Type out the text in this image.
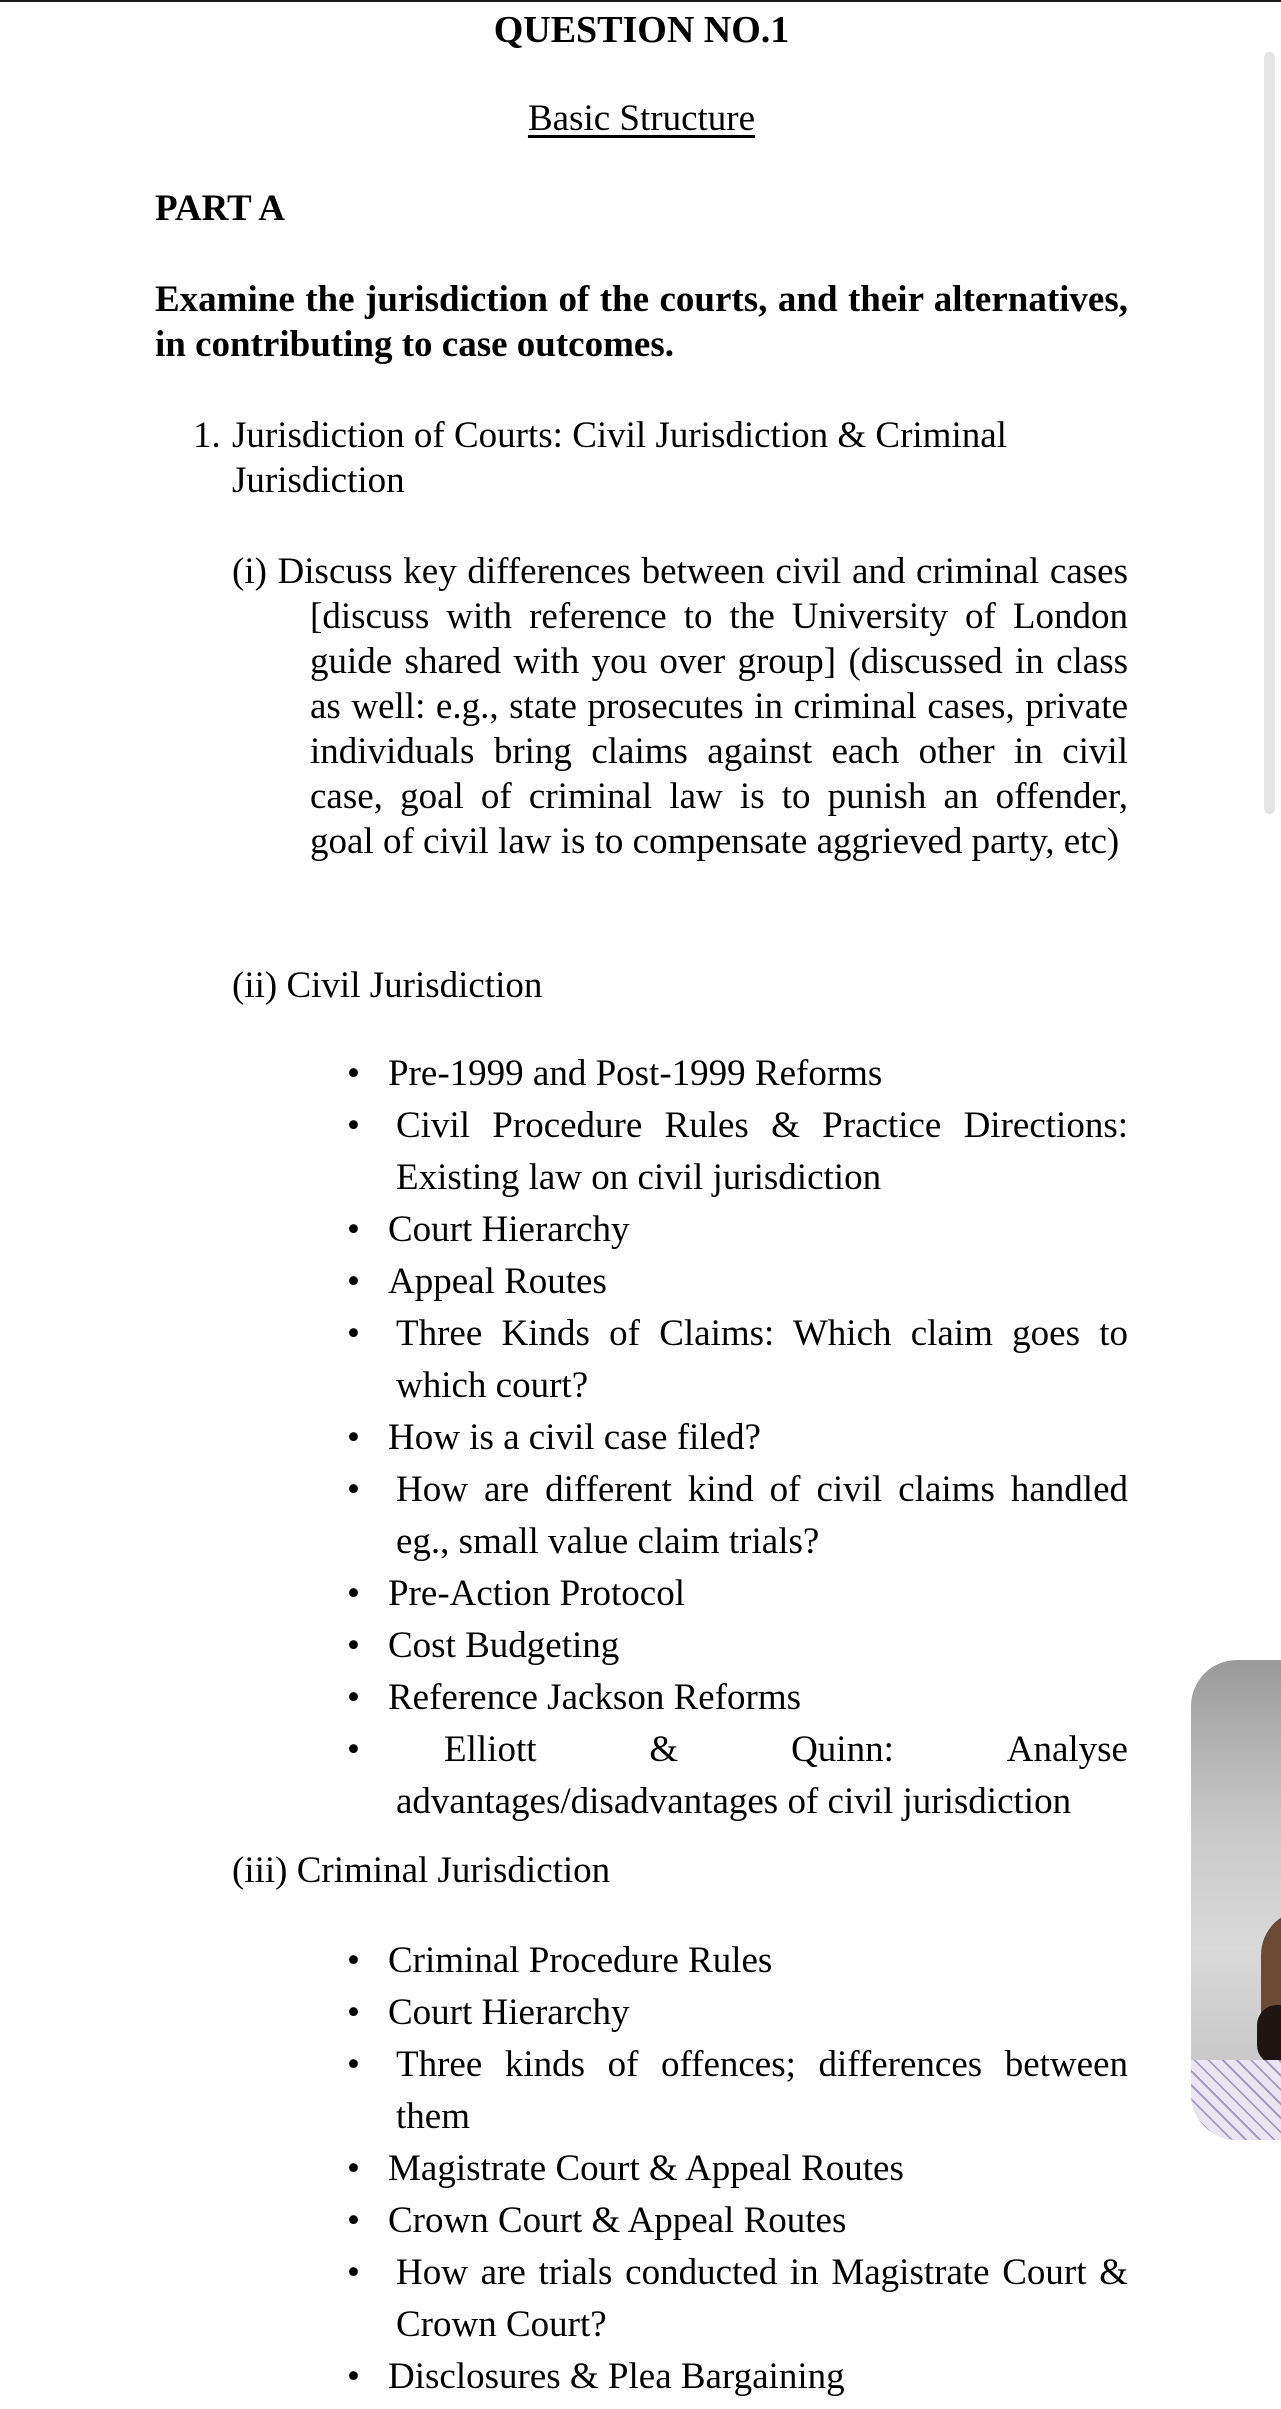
QUESTION NO.1
Basic Structure
PART A
Examine the jurisdiction of the courts, and their alternatives, in contributing to case outcomes.
1. Jurisdiction of Courts: Civil Jurisdiction & Criminal
Jurisdiction
(i) Discuss key differences between civil and criminal cases [discuss with reference to the University of London guide shared with you over group] (discussed in class as well: e.g., state prosecutes in criminal cases, private individuals bring claims against each other in civil case, goal of criminal law is to punish an offender, goal of civil law is to compensate aggrieved party, etc)
(ii) Civil Jurisdiction
• Pre-1999 and Post-1999 Reforms
• Civil Procedure Rules & Practice Directions: Existing law on civil jurisdiction
• Court Hierarchy
• Appeal Routes
• Three Kinds of Claims: Which claim goes to which court?
• How is a civil case filed?
• How are different kind of civil claims handled eg., small value claim trials?
• Pre-Action Protocol
• Cost Budgeting
• Reference Jackson Reforms
• Elliott	&	Quinn:	Analyse
advantages/disadvantages of civil jurisdiction
(iii) Criminal Jurisdiction
• Criminal Procedure Rules
• Court Hierarchy
• Three kinds of offences; differences between them
• Magistrate Court & Appeal Routes
• Crown Court & Appeal Routes
• How are trials conducted in Magistrate Court & Crown Court?
• Disclosures & Plea Bargaining
